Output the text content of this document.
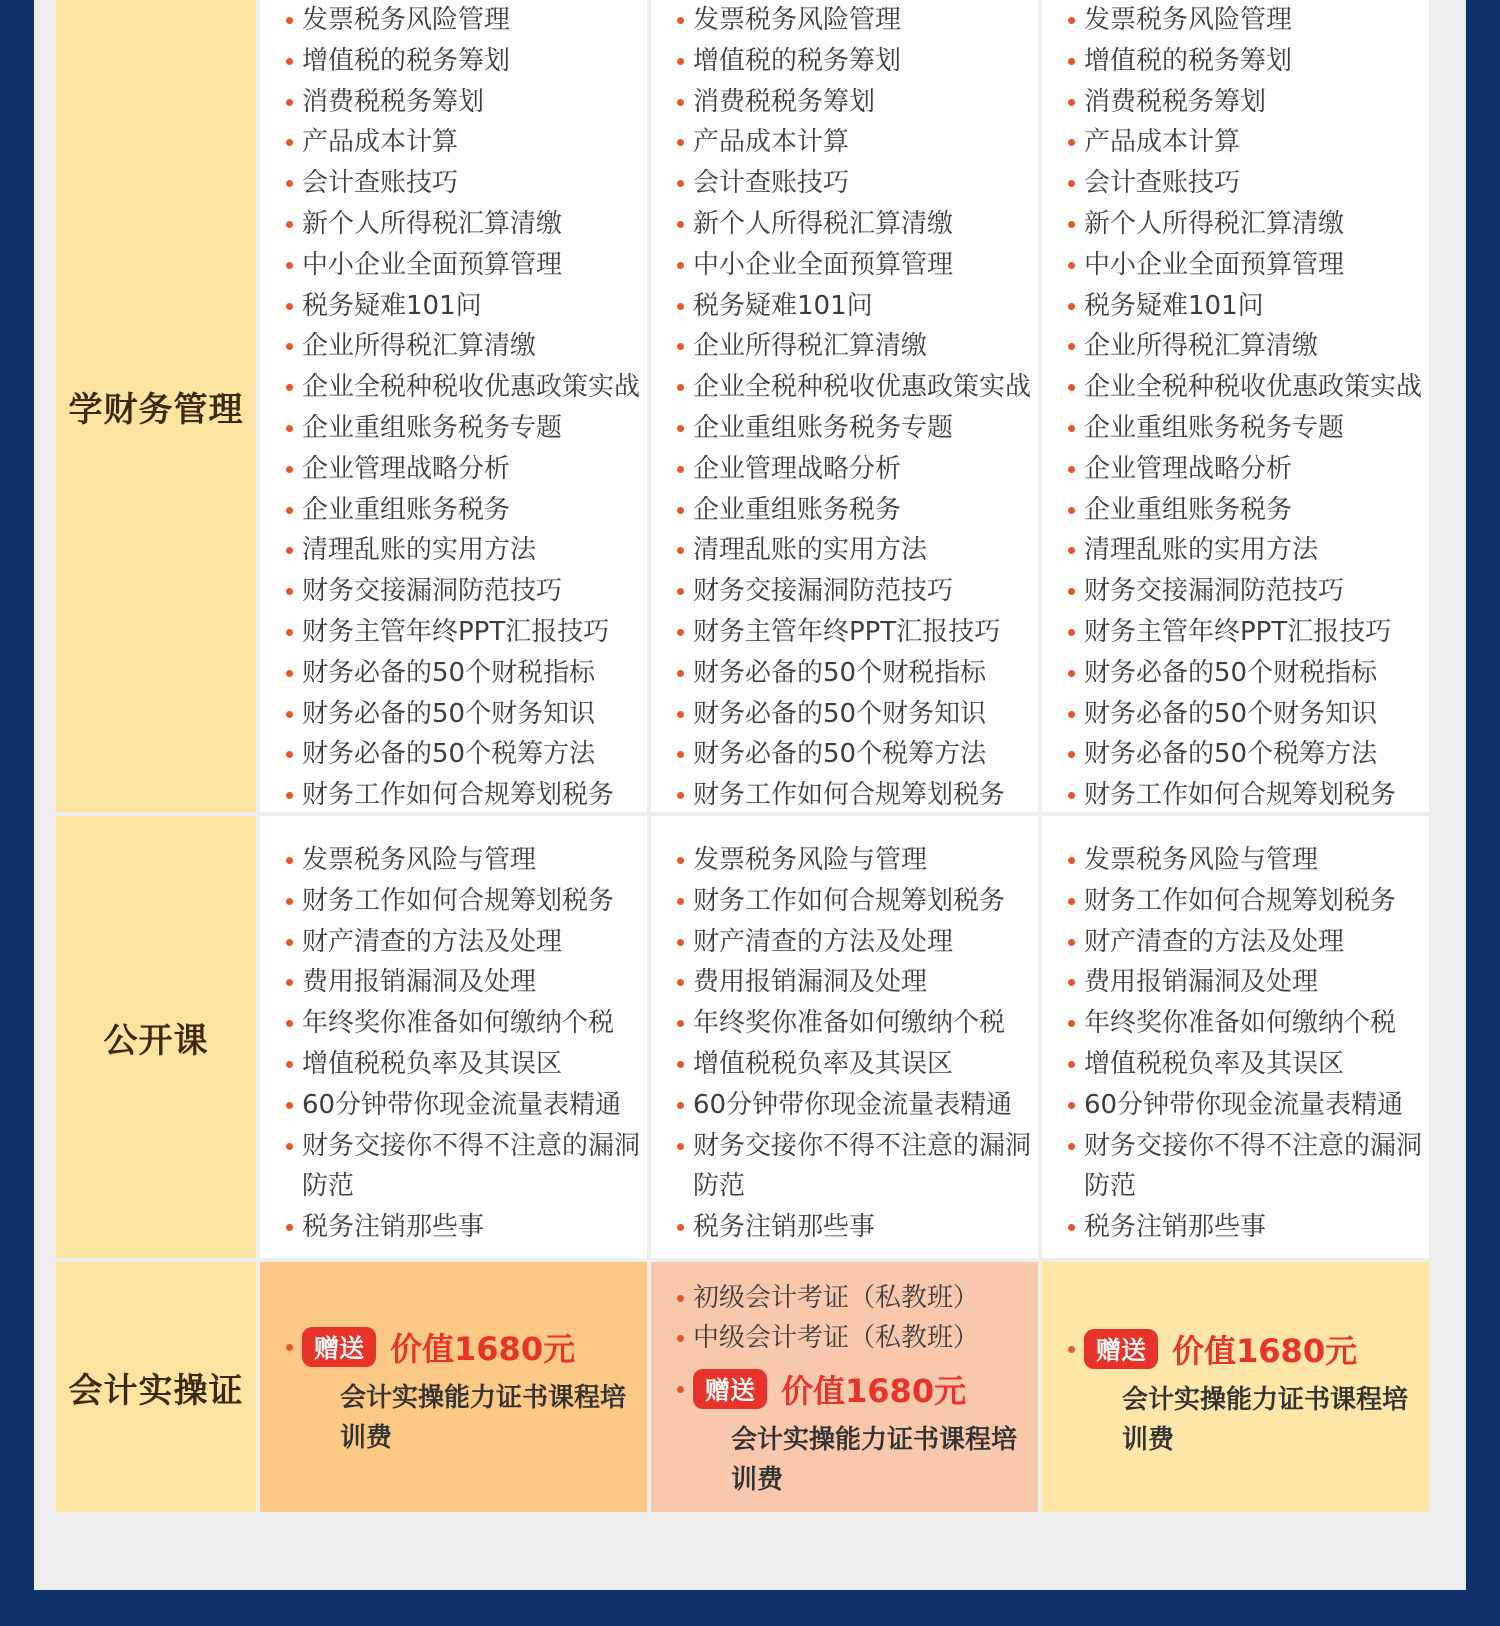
学财务管理
公开课
会计实操证
发票税务风险管理
增值税的税务筹划
消费税税务筹划
产品成本计算
会计查账技巧
新个人所得税汇算清缴
中小企业全面预算管理
税务疑难101问
企业所得税汇算清缴
企业全税种税收优惠政策实战
企业重组账务税务专题
企业管理战略分析
企业重组账务税务
清理乱账的实用方法
财务交接漏洞防范技巧
财务主管年终PPT汇报技巧
财务必备的50个财税指标
财务必备的50个财务知识
财务必备的50个税筹方法
财务工作如何合规筹划税务
发票税务风险管理
增值税的税务筹划
消费税税务筹划
产品成本计算
会计查账技巧
新个人所得税汇算清缴
中小企业全面预算管理
税务疑难101问
企业所得税汇算清缴
企业全税种税收优惠政策实战
企业重组账务税务专题
企业管理战略分析
企业重组账务税务
清理乱账的实用方法
财务交接漏洞防范技巧
财务主管年终PPT汇报技巧
财务必备的50个财税指标
财务必备的50个财务知识
财务必备的50个税筹方法
财务工作如何合规筹划税务
发票税务风险管理
增值税的税务筹划
消费税税务筹划
产品成本计算
会计查账技巧
新个人所得税汇算清缴
中小企业全面预算管理
税务疑难101问
企业所得税汇算清缴
企业全税种税收优惠政策实战
企业重组账务税务专题
企业管理战略分析
企业重组账务税务
清理乱账的实用方法
财务交接漏洞防范技巧
财务主管年终PPT汇报技巧
财务必备的50个财税指标
财务必备的50个财务知识
财务必备的50个税筹方法
财务工作如何合规筹划税务
发票税务风险与管理
财务工作如何合规筹划税务
财产清查的方法及处理
费用报销漏洞及处理
年终奖你准备如何缴纳个税
增值税税负率及其误区
60分钟带你现金流量表精通
财务交接你不得不注意的漏洞防范
税务注销那些事
发票税务风险与管理
财务工作如何合规筹划税务
财产清查的方法及处理
费用报销漏洞及处理
年终奖你准备如何缴纳个税
增值税税负率及其误区
60分钟带你现金流量表精通
财务交接你不得不注意的漏洞防范
税务注销那些事
发票税务风险与管理
财务工作如何合规筹划税务
财产清查的方法及处理
费用报销漏洞及处理
年终奖你准备如何缴纳个税
增值税税负率及其误区
60分钟带你现金流量表精通
财务交接你不得不注意的漏洞防范
税务注销那些事
赠送 价值1680元
会计实操能力证书课程培训费
初级会计考证（私教班）
中级会计考证（私教班）
赠送 价值1680元
会计实操能力证书课程培训费
赠送 价值1680元
会计实操能力证书课程培训费
